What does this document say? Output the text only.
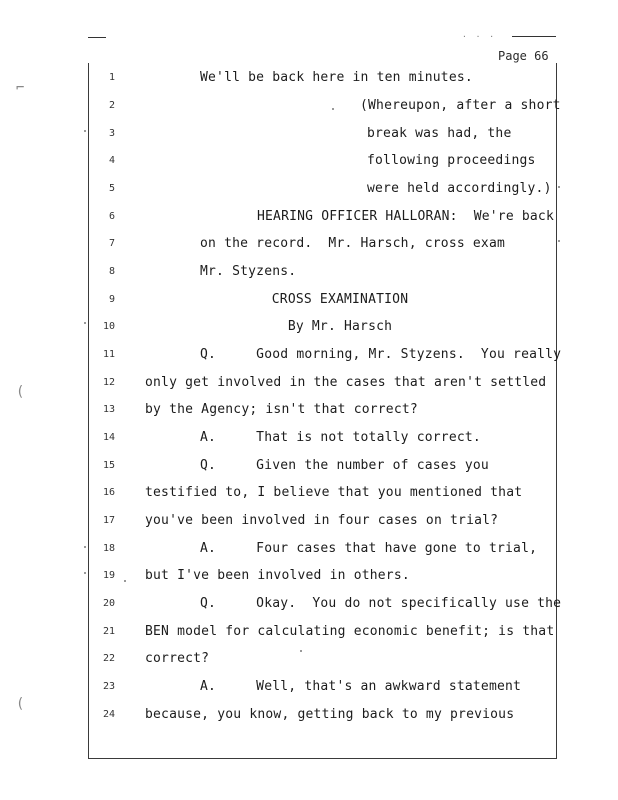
. . .
Page 66
⌐
(
(
1
2
3
4
5
6
7
8
9
10
11
12
13
14
15
16
17
18
19
20
21
22
23
24
We'll be back here in ten minutes.
(Whereupon, after a short
break was had, the
following proceedings
were held accordingly.)
HEARING OFFICER HALLORAN:  We're back
on the record.  Mr. Harsch, cross exam
Mr. Styzens.
CROSS EXAMINATION
By Mr. Harsch
Q.     Good morning, Mr. Styzens.  You really
only get involved in the cases that aren't settled
by the Agency; isn't that correct?
A.     That is not totally correct.
Q.     Given the number of cases you
testified to, I believe that you mentioned that
you've been involved in four cases on trial?
A.     Four cases that have gone to trial,
but I've been involved in others.
Q.     Okay.  You do not specifically use the
BEN model for calculating economic benefit; is that
correct?
A.     Well, that's an awkward statement
because, you know, getting back to my previous
